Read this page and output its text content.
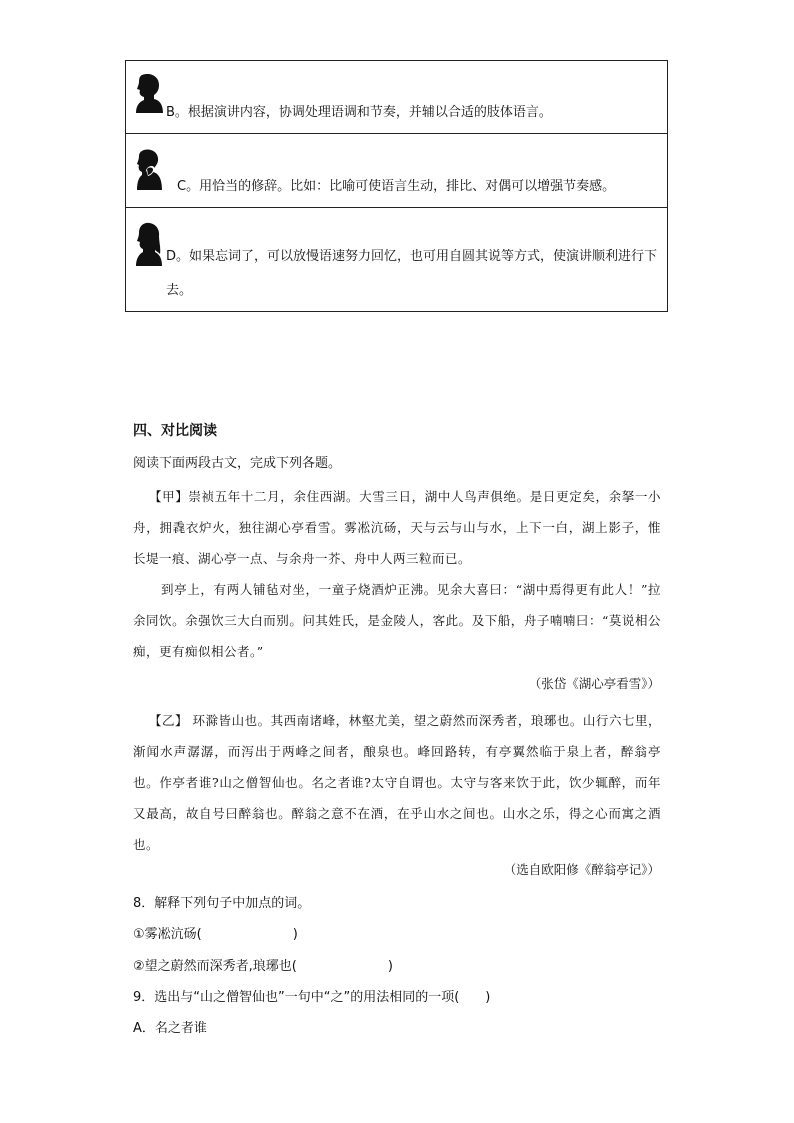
B。根据演讲内容，协调处理语调和节奏，并辅以合适的肢体语言。
C。用恰当的修辞。比如：比喻可使语言生动，排比、对偶可以增强节奏感。
D。如果忘词了，可以放慢语速努力回忆，也可用自圆其说等方式，使演讲顺利进行下去。
四、对比阅读
阅读下面两段古文，完成下列各题。
【甲】崇祯五年十二月，余住西湖。大雪三日，湖中人鸟声俱绝。是日更定矣，余拏一小舟，拥毳衣炉火，独往湖心亭看雪。雾凇沆砀，天与云与山与水，上下一白，湖上影子，惟长堤一痕、湖心亭一点、与余舟一芥、舟中人两三粒而已。
到亭上，有两人铺毡对坐，一童子烧酒炉正沸。见余大喜曰：“湖中焉得更有此人！”拉余同饮。余强饮三大白而别。问其姓氏，是金陵人，客此。及下船，舟子喃喃曰：“莫说相公痴，更有痴似相公者。”
（张岱《湖心亭看雪》）
【乙】 环滁皆山也。其西南诸峰，林壑尤美，望之蔚然而深秀者，琅琊也。山行六七里，渐闻水声潺潺，而泻出于两峰之间者，酿泉也。峰回路转，有亭翼然临于泉上者，醉翁亭也。作亭者谁?山之僧智仙也。名之者谁?太守自谓也。太守与客来饮于此，饮少辄醉，而年又最高，故自号曰醉翁也。醉翁之意不在酒，在乎山水之间也。山水之乐，得之心而寓之酒也。
（选自欧阳修《醉翁亭记》）
8．解释下列句子中加点的词。
①雾凇沆砀(　　　　　　　)
②望之蔚然而深秀者,琅琊也(　　　　　　　)
9．选出与“山之僧智仙也”一句中“之”的用法相同的一项(　　)
A．名之者谁
